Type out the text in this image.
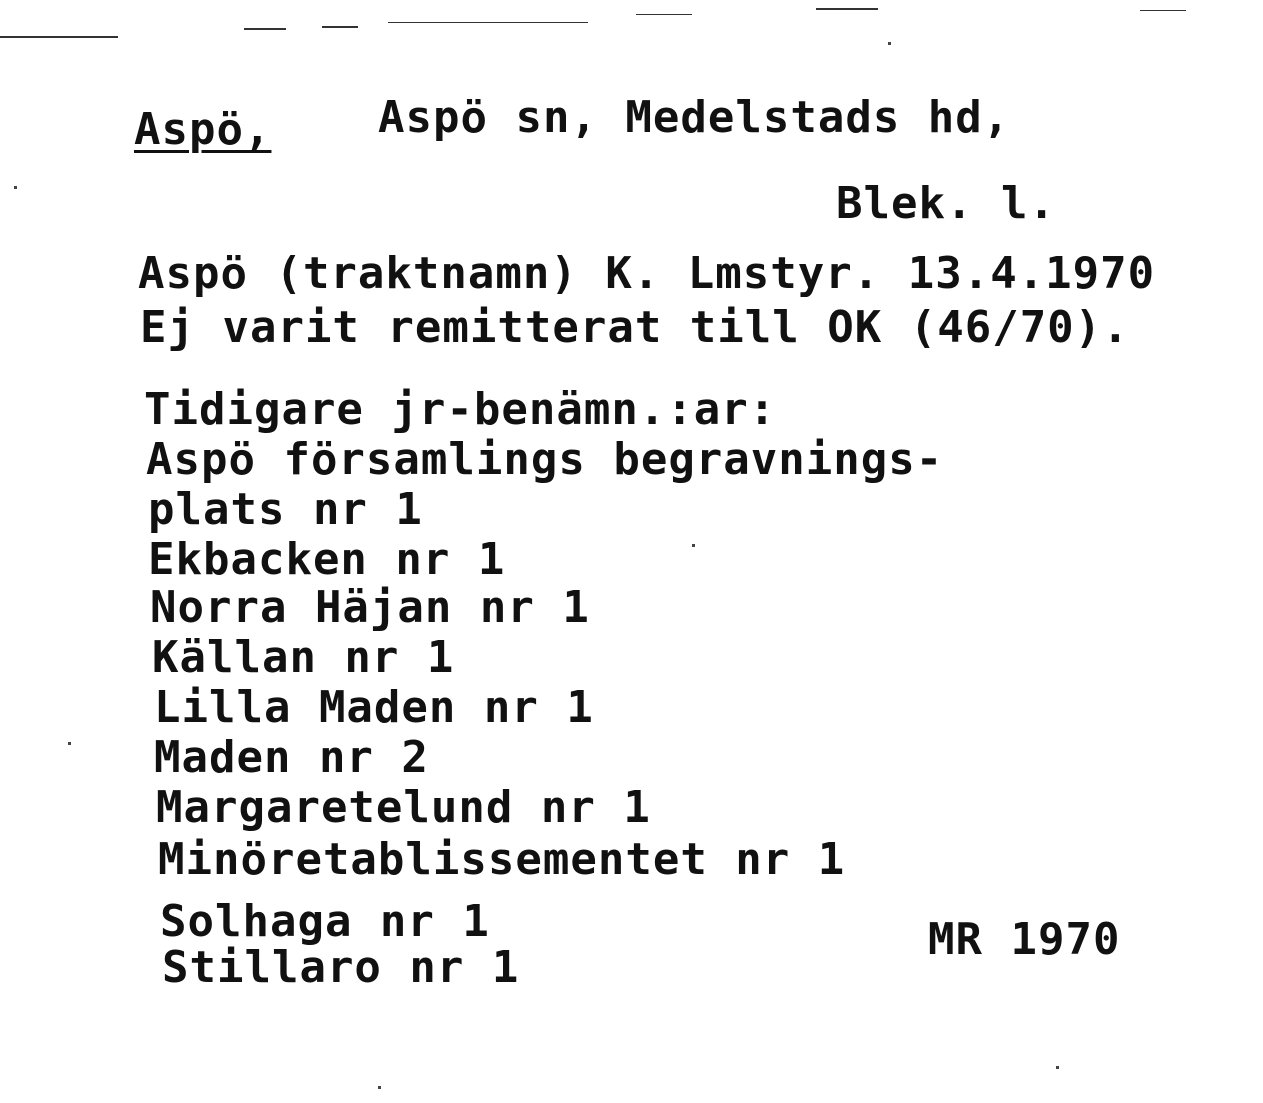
Aspö, Aspö sn, Medelstads hd,
Blek. l.
Aspö (traktnamn) K. Lmstyr. 13.4.1970
Ej varit remitterat till OK (46/70).
Tidigare jr-benämn.:ar:
Aspö församlings begravnings-
plats nr 1
Ekbacken nr 1
Norra Häjan nr 1
Källan nr 1
Lilla Maden nr 1
Maden nr 2
Margaretelund nr 1
Minöretablissementet nr 1
Solhaga nr 1
Stillaro nr 1
MR 1970
